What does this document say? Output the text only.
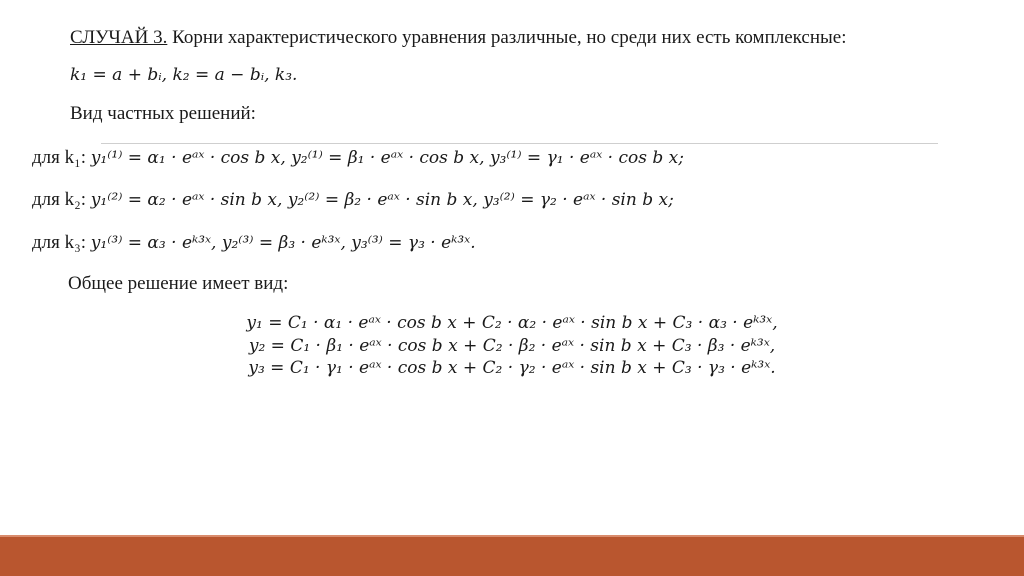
СЛУЧАЙ 3. Корни характеристического уравнения различные, но среди них есть комплексные:
k₁ = a + bᵢ, k₂ = a − bᵢ, k₃.
Вид частных решений:
для k₁: y₁⁽¹⁾ = α₁ · eᵃˣ · cos b x, y₂⁽¹⁾ = β₁ · eᵃˣ · cos b x, y₃⁽¹⁾ = γ₁ · eᵃˣ · cos b x;
для k₂: y₁⁽²⁾ = α₂ · eᵃˣ · sin b x, y₂⁽²⁾ = β₂ · eᵃˣ · sin b x, y₃⁽²⁾ = γ₂ · eᵃˣ · sin b x;
для k₃: y₁⁽³⁾ = α₃ · eᵏ³ˣ, y₂⁽³⁾ = β₃ · eᵏ³ˣ, y₃⁽³⁾ = γ₃ · eᵏ³ˣ.
Общее решение имеет вид:
y₁ = C₁ · α₁ · eᵃˣ · cos b x + C₂ · α₂ · eᵃˣ · sin b x + C₃ · α₃ · eᵏ³ˣ,
y₂ = C₁ · β₁ · eᵃˣ · cos b x + C₂ · β₂ · eᵃˣ · sin b x + C₃ · β₃ · eᵏ³ˣ,
y₃ = C₁ · γ₁ · eᵃˣ · cos b x + C₂ · γ₂ · eᵃˣ · sin b x + C₃ · γ₃ · eᵏ³ˣ.
